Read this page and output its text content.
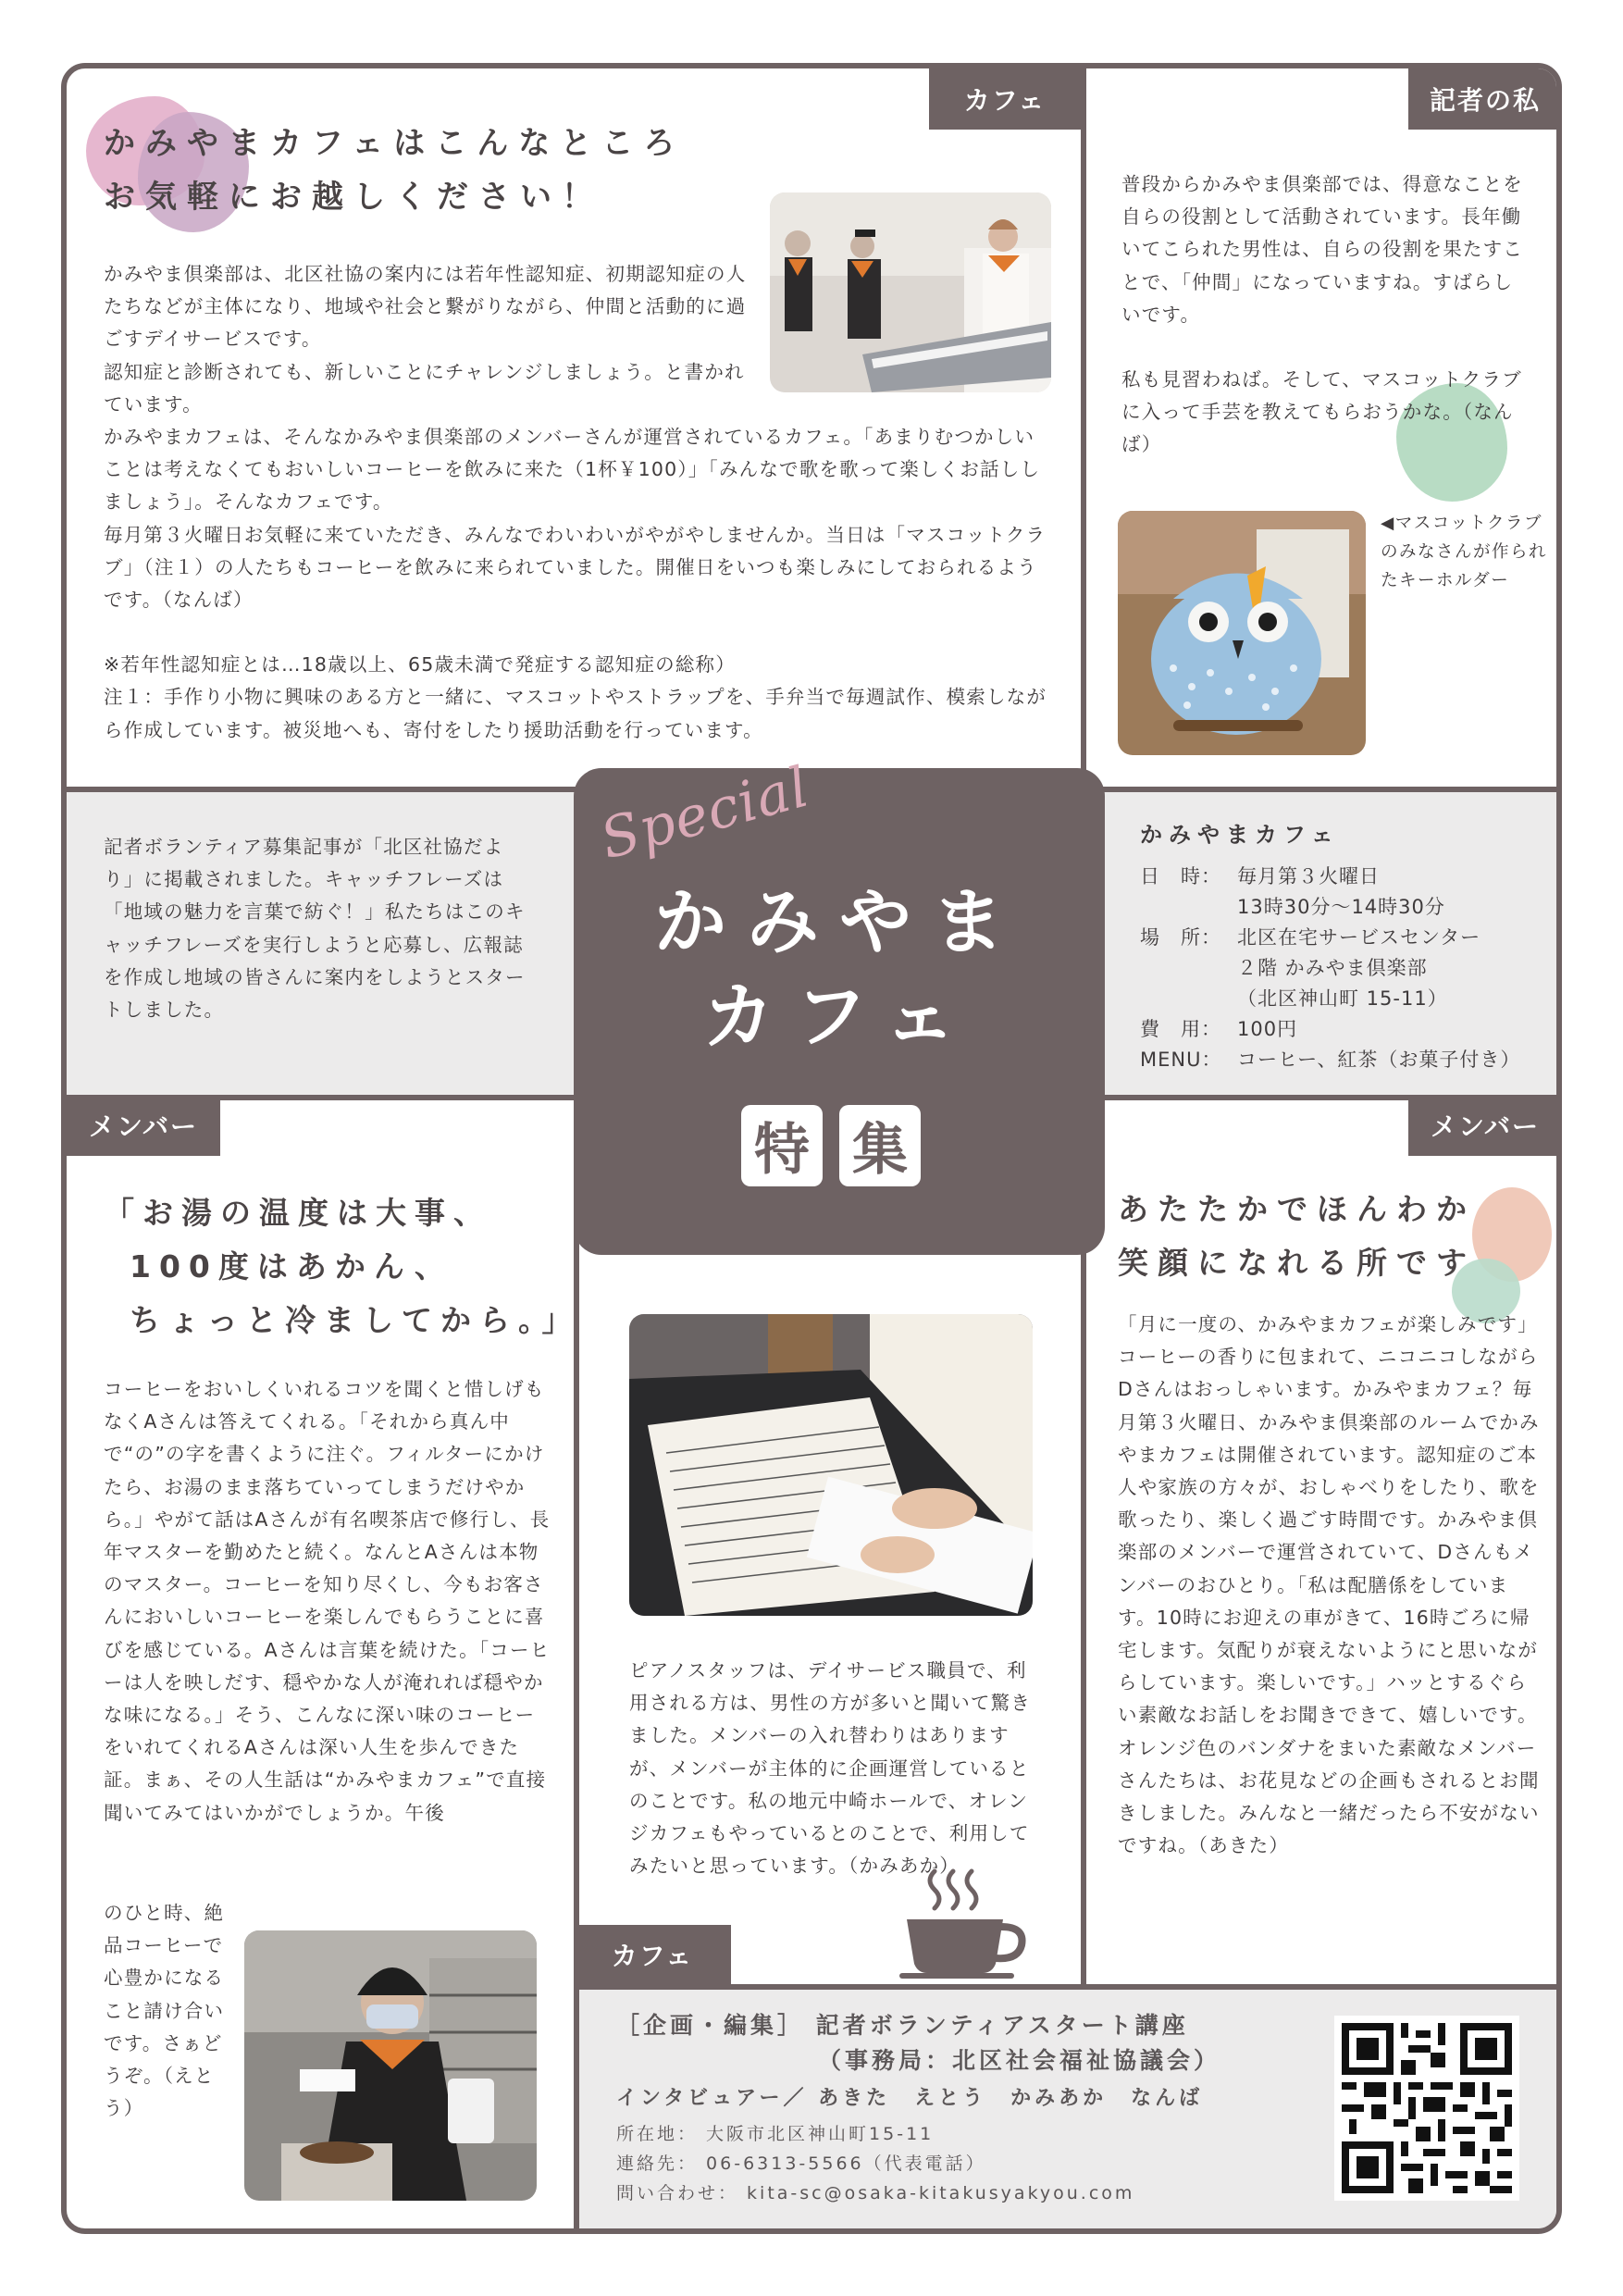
カフェ	記者の私
メンバー	メンバー
カフェ
かみやまカフェはこんなところ
お気軽にお越しください！

かみやま倶楽部は、北区社協の案内には若年性認知症、初期認知症の人たちなどが主体になり、地域や社会と繋がりながら、仲間と活動的に過ごすデイサービスです。

認知症と診断されても、新しいことにチャレンジしましょう。と書かれています。

かみやまカフェは、そんなかみやま倶楽部のメンバーさんが運営されているカフェ。「あまりむつかしいことは考えなくてもおいしいコーヒーを飲みに来た（1杯￥100）」「みんなで歌を歌って楽しくお話ししましょう」。そんなカフェです。

毎月第３火曜日お気軽に来ていただき、みんなでわいわいがやがやしませんか。当日は「マスコットクラブ」（注１）の人たちもコーヒーを飲みに来られていました。開催日をいつも楽しみにしておられるようです。（なんば）

※若年性認知症とは…18歳以上、65歳未満で発症する認知症の総称）

注１：手作り小物に興味のある方と一緒に、マスコットやストラップを、手弁当で毎週試作、模索しながら作成しています。被災地へも、寄付をしたり援助活動を行っています。

普段からかみやま倶楽部では、得意なことを自らの役割として活動されています。長年働いてこられた男性は、自らの役割を果たすことで、「仲間」になっていますね。すばらしいです。

私も見習わねば。そして、マスコットクラブに入って手芸を教えてもらおうかな。（なんば）

◀マスコットクラブのみなさんが作られたキーホルダー
記者ボランティア募集記事が「北区社協だより」に掲載されました。キャッチフレーズは「地域の魅力を言葉で紡ぐ！」私たちはこのキャッチフレーズを実行しようと応募し、広報誌を作成し地域の皆さんに案内をしようとスタートしました。
Special
かみやま
カフェ
特 集
かみやまカフェ
日　時： 毎月第３火曜日
13時30分～14時30分
場　所： 北区在宅サービスセンター
２階 かみやま倶楽部
（北区神山町 15-11）
費　用： 100円
MENU： コーヒー、紅茶（お菓子付き）
「お湯の温度は大事、
100度はあかん、
ちょっと冷ましてから。」
コーヒーをおいしくいれるコツを聞くと惜しげもなくAさんは答えてくれる。「それから真ん中で“の”の字を書くように注ぐ。フィルターにかけたら、お湯のまま落ちていってしまうだけやから。」やがて話はAさんが有名喫茶店で修行し、長年マスターを勤めたと続く。なんとAさんは本物のマスター。コーヒーを知り尽くし、今もお客さんにおいしいコーヒーを楽しんでもらうことに喜びを感じている。Aさんは言葉を続けた。「コーヒーは人を映しだす、穏やかな人が淹れれば穏やかな味になる。」そう、こんなに深い味のコーヒーをいれてくれるAさんは深い人生を歩んできた証。まぁ、その人生話は“かみやまカフェ”で直接聞いてみてはいかがでしょうか。午後
のひと時、絶品コーヒーで心豊かになること請け合いです。さぁどうぞ。（えとう）
ピアノスタッフは、デイサービス職員で、利用される方は、男性の方が多いと聞いて驚きました。メンバーの入れ替わりはありますが、メンバーが主体的に企画運営しているとのことです。私の地元中崎ホールで、オレンジカフェもやっているとのことで、利用してみたいと思っています。（かみあか）
あたたかでほんわか
笑顔になれる所です
「月に一度の、かみやまカフェが楽しみです」コーヒーの香りに包まれて、ニコニコしながらDさんはおっしゃいます。かみやまカフェ？毎月第３火曜日、かみやま倶楽部のルームでかみやまカフェは開催されています。認知症のご本人や家族の方々が、おしゃべりをしたり、歌を歌ったり、楽しく過ごす時間です。かみやま倶楽部のメンバーで運営されていて、Dさんもメンバーのおひとり。「私は配膳係をしています。10時にお迎えの車がきて、16時ごろに帰宅します。気配りが衰えないようにと思いながらしています。楽しいです。」ハッとするぐらい素敵なお話しをお聞きできて、嬉しいです。オレンジ色のバンダナをまいた素敵なメンバーさんたちは、お花見などの企画もされるとお聞きしました。みんなと一緒だったら不安がないですね。（あきた）
［企画・編集］ 記者ボランティアスタート講座
（事務局：北区社会福祉協議会）
インタビュアー／ あきた　えとう　かみあか　なんば
所在地： 大阪市北区神山町15-11
連絡先： 06-6313-5566（代表電話）
問い合わせ： kita-sc@osaka-kitakusyakyou.com
